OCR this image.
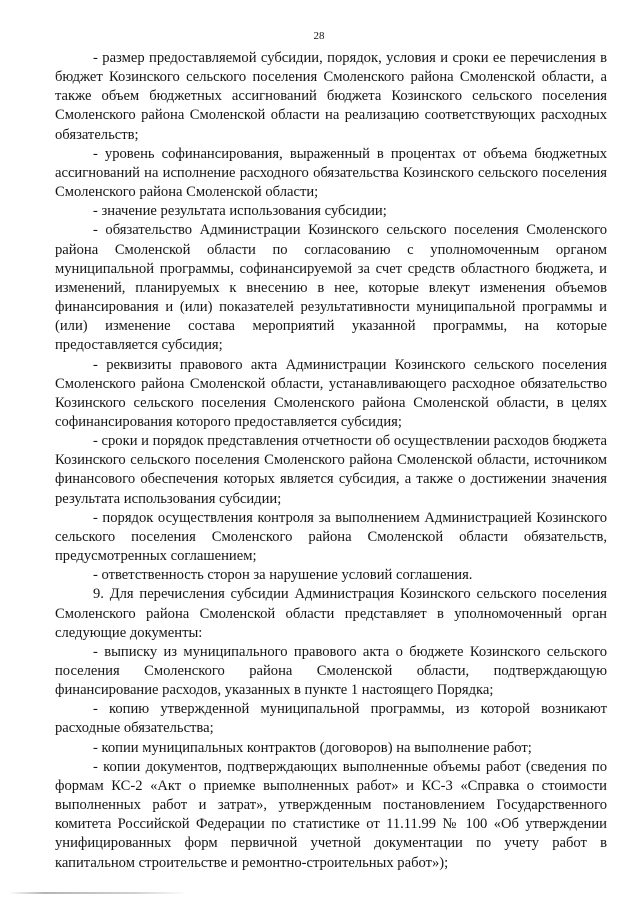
28

- размер предоставляемой субсидии, порядок, условия и сроки ее перечисления в бюджет Козинского сельского поселения Смоленского района Смоленской области, а также объем бюджетных ассигнований бюджета Козинского сельского поселения Смоленского района Смоленской области на реализацию соответствующих расходных обязательств;

- уровень софинансирования, выраженный в процентах от объема бюджетных ассигнований на исполнение расходного обязательства Козинского сельского поселения Смоленского района Смоленской области;

- значение результата использования субсидии;

- обязательство Администрации Козинского сельского поселения Смоленского района Смоленской области по согласованию с уполномоченным органом муниципальной программы, софинансируемой за счет средств областного бюджета, и изменений, планируемых к внесению в нее, которые влекут изменения объемов финансирования и (или) показателей результативности муниципальной программы и (или) изменение состава мероприятий указанной программы, на которые предоставляется субсидия;

- реквизиты правового акта Администрации Козинского сельского поселения Смоленского района Смоленской области, устанавливающего расходное обязательство Козинского сельского поселения Смоленского района Смоленской области, в целях софинансирования которого предоставляется субсидия;

- сроки и порядок представления отчетности об осуществлении расходов бюджета Козинского сельского поселения Смоленского района Смоленской области, источником финансового обеспечения которых является субсидия, а также о достижении значения результата использования субсидии;

- порядок осуществления контроля за выполнением Администрацией Козинского сельского поселения Смоленского района Смоленской области обязательств, предусмотренных соглашением;

- ответственность сторон за нарушение условий соглашения.

9. Для перечисления субсидии Администрация Козинского сельского поселения Смоленского района Смоленской области представляет в уполномоченный орган следующие документы:

- выписку из муниципального правового акта о бюджете Козинского сельского поселения Смоленского района Смоленской области, подтверждающую финансирование расходов, указанных в пункте 1 настоящего Порядка;

- копию утвержденной муниципальной программы, из которой возникают расходные обязательства;

- копии муниципальных контрактов (договоров) на выполнение работ;

- копии документов, подтверждающих выполненные объемы работ (сведения по формам КС-2 «Акт о приемке выполненных работ» и КС-3 «Справка о стоимости выполненных работ и затрат», утвержденным постановлением Государственного комитета Российской Федерации по статистике от 11.11.99 № 100 «Об утверждении унифицированных форм первичной учетной документации по учету работ в капитальном строительстве и ремонтно-строительных работ»);
